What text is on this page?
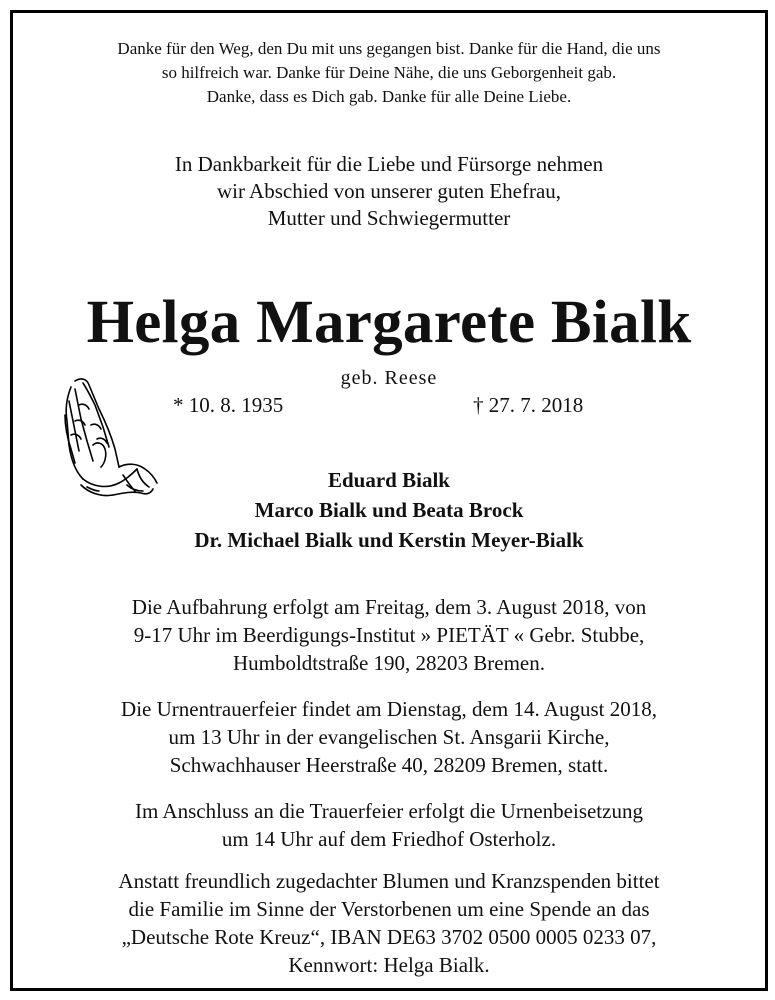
Danke für den Weg, den Du mit uns gegangen bist. Danke für die Hand, die uns
so hilfreich war. Danke für Deine Nähe, die uns Geborgenheit gab.
Danke, dass es Dich gab. Danke für alle Deine Liebe.
In Dankbarkeit für die Liebe und Fürsorge nehmen
wir Abschied von unserer guten Ehefrau,
Mutter und Schwiegermutter
Helga Margarete Bialk
geb. Reese
* 10. 8. 1935	† 27. 7. 2018
Eduard Bialk
Marco Bialk und Beata Brock
Dr. Michael Bialk und Kerstin Meyer-Bialk
Die Aufbahrung erfolgt am Freitag, dem 3. August 2018, von
9-17 Uhr im Beerdigungs-Institut » PIETÄT « Gebr. Stubbe,
Humboldtstraße 190, 28203 Bremen.
Die Urnentrauerfeier findet am Dienstag, dem 14. August 2018,
um 13 Uhr in der evangelischen St. Ansgarii Kirche,
Schwachhauser Heerstraße 40, 28209 Bremen, statt.
Im Anschluss an die Trauerfeier erfolgt die Urnenbeisetzung
um 14 Uhr auf dem Friedhof Osterholz.
Anstatt freundlich zugedachter Blumen und Kranzspenden bittet
die Familie im Sinne der Verstorbenen um eine Spende an das
„Deutsche Rote Kreuz“, IBAN DE63 3702 0500 0005 0233 07,
Kennwort: Helga Bialk.
